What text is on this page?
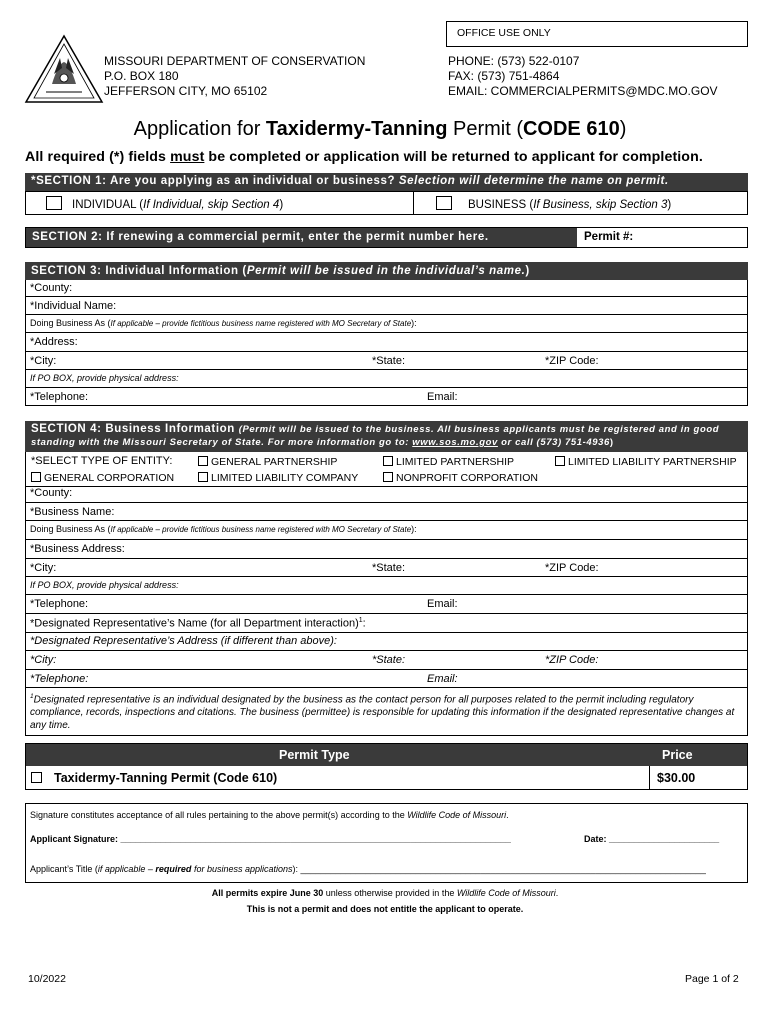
OFFICE USE ONLY
MISSOURI DEPARTMENT OF CONSERVATION
P.O. BOX 180
JEFFERSON CITY, MO 65102
PHONE: (573) 522-0107
FAX: (573) 751-4864
EMAIL: COMMERCIALPERMITS@MDC.MO.GOV
Application for Taxidermy-Tanning Permit (CODE 610)
All required (*) fields must be completed or application will be returned to applicant for completion.
*SECTION 1: Are you applying as an individual or business? Selection will determine the name on permit.
INDIVIDUAL (If Individual, skip Section 4)	BUSINESS (If Business, skip Section 3)
SECTION 2: If renewing a commercial permit, enter the permit number here.	Permit #:
SECTION 3: Individual Information (Permit will be issued in the individual’s name.)
*County:
*Individual Name:
Doing Business As (If applicable – provide fictitious business name registered with MO Secretary of State):
*Address:
*City:	*State:	*ZIP Code:
If PO BOX, provide physical address:
*Telephone:	Email:
SECTION 4: Business Information (Permit will be issued to the business. All business applicants must be registered and in good standing with the Missouri Secretary of State. For more information go to: www.sos.mo.gov or call (573) 751-4936)
*SELECT TYPE OF ENTITY:	GENERAL PARTNERSHIP	LIMITED PARTNERSHIP	LIMITED LIABILITY PARTNERSHIP
GENERAL CORPORATION	LIMITED LIABILITY COMPANY	NONPROFIT CORPORATION
*County:
*Business Name:
Doing Business As (If applicable – provide fictitious business name registered with MO Secretary of State):
*Business Address:
*City:	*State:	*ZIP Code:
If PO BOX, provide physical address:
*Telephone:	Email:
*Designated Representative’s Name (for all Department interaction)$^1$:
*Designated Representative’s Address (if different than above):
*City:	*State:	*ZIP Code:
*Telephone:	Email:
$^1$Designated representative is an individual designated by the business as the contact person for all purposes related to the permit including regulatory compliance, records, inspections and citations. The business (permittee) is responsible for updating this information if the designated representative changes at any time.
Permit Type	Price
Taxidermy-Tanning Permit (Code 610)	$30.00
Signature constitutes acceptance of all rules pertaining to the above permit(s) according to the Wildlife Code of Missouri.
Applicant Signature: ______________________________________________________________________________	Date: ______________________
Applicant’s Title (if applicable – required for business applications): _________________________________________________________________________________
All permits expire June 30 unless otherwise provided in the Wildlife Code of Missouri.
This is not a permit and does not entitle the applicant to operate.
10/2022	Page 1 of 2
